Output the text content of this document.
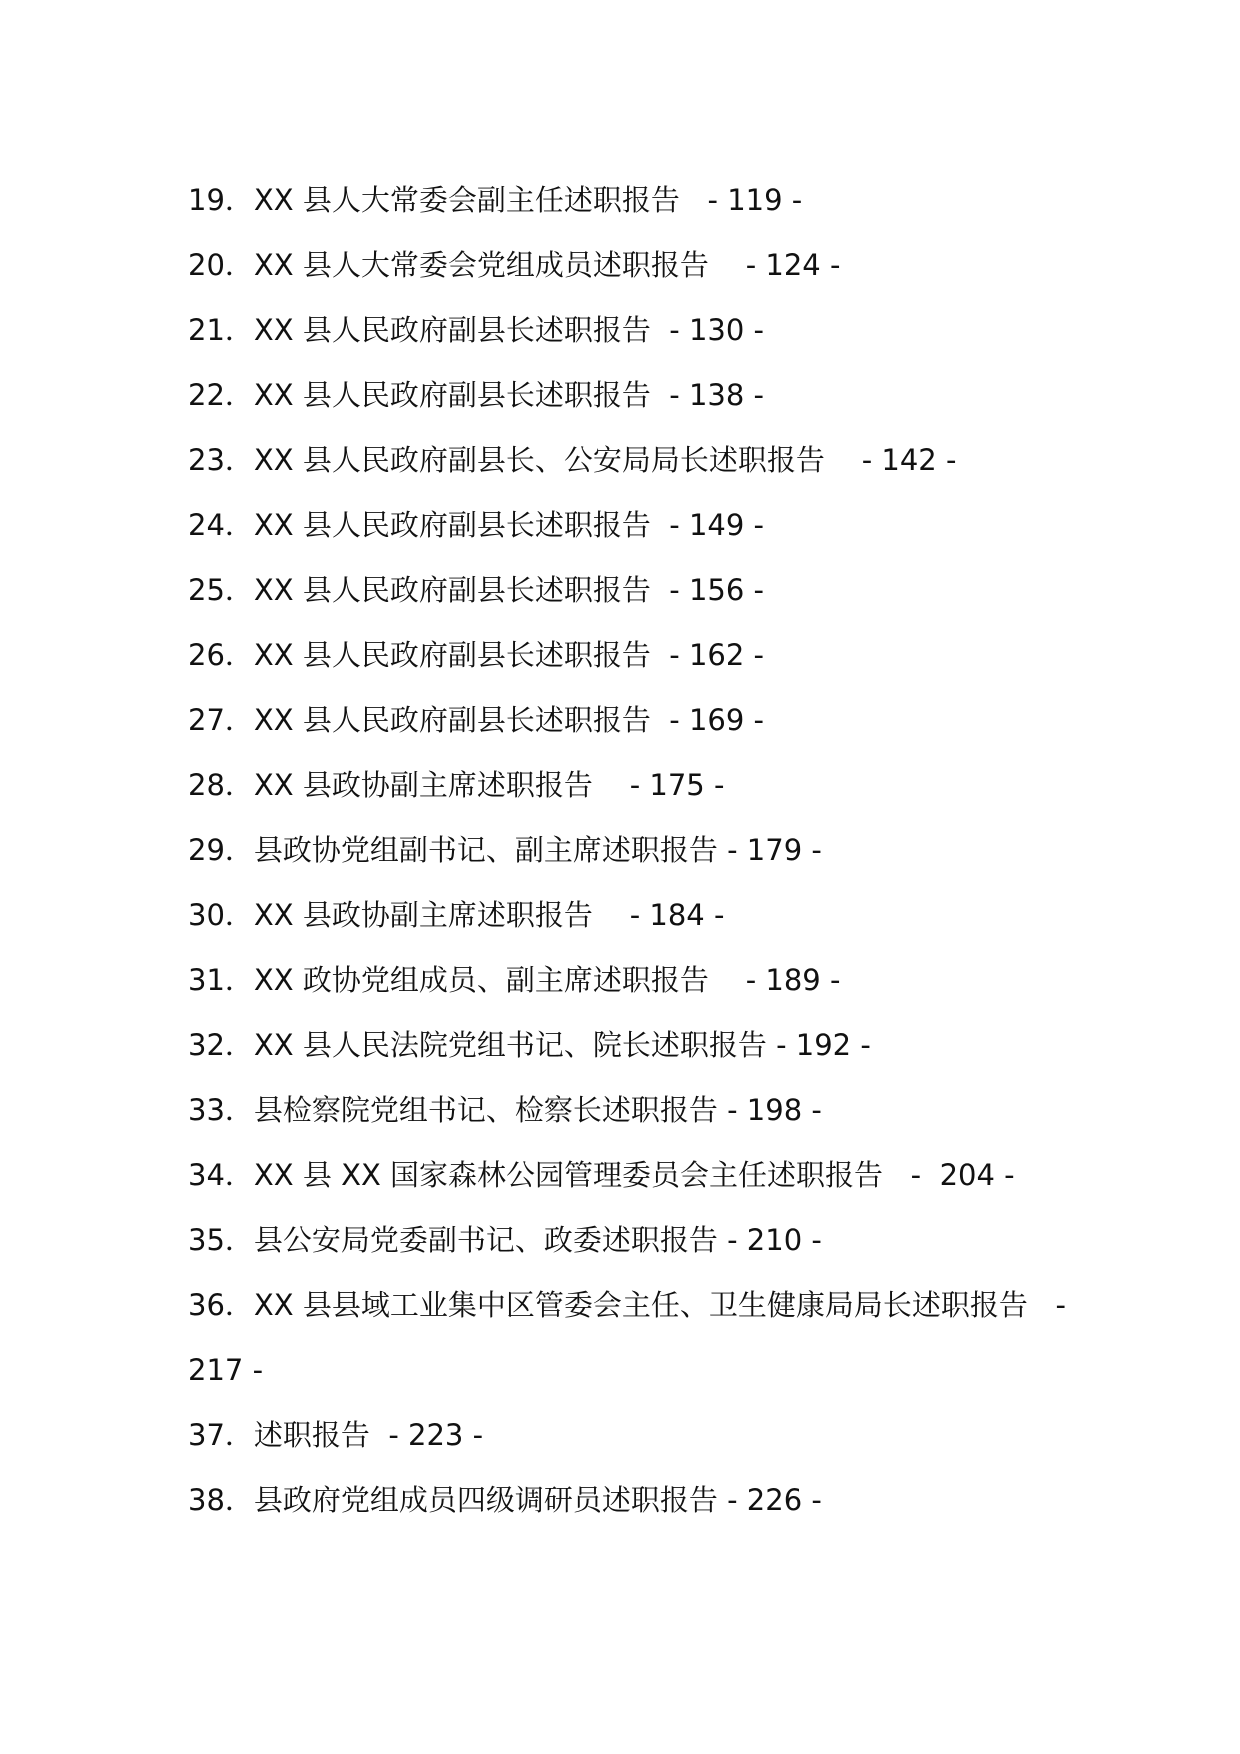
19．XX 县人大常委会副主任述职报告   - 119 -

20．XX 县人大常委会党组成员述职报告    - 124 -

21．XX 县人民政府副县长述职报告  - 130 -

22．XX 县人民政府副县长述职报告  - 138 -

23．XX 县人民政府副县长、公安局局长述职报告    - 142 -

24．XX 县人民政府副县长述职报告  - 149 -

25．XX 县人民政府副县长述职报告  - 156 -

26．XX 县人民政府副县长述职报告  - 162 -

27．XX 县人民政府副县长述职报告  - 169 -

28．XX 县政协副主席述职报告    - 175 -

29．县政协党组副书记、副主席述职报告 - 179 -

30．XX 县政协副主席述职报告    - 184 -

31．XX 政协党组成员、副主席述职报告    - 189 -

32．XX 县人民法院党组书记、院长述职报告 - 192 -

33．县检察院党组书记、检察长述职报告 - 198 -

34．XX 县 XX 国家森林公园管理委员会主任述职报告   -  204 -

35．县公安局党委副书记、政委述职报告 - 210 -

36．XX 县县域工业集中区管委会主任、卫生健康局局长述职报告   - 217 -

37．述职报告  - 223 -

38．县政府党组成员四级调研员述职报告 - 226 -
